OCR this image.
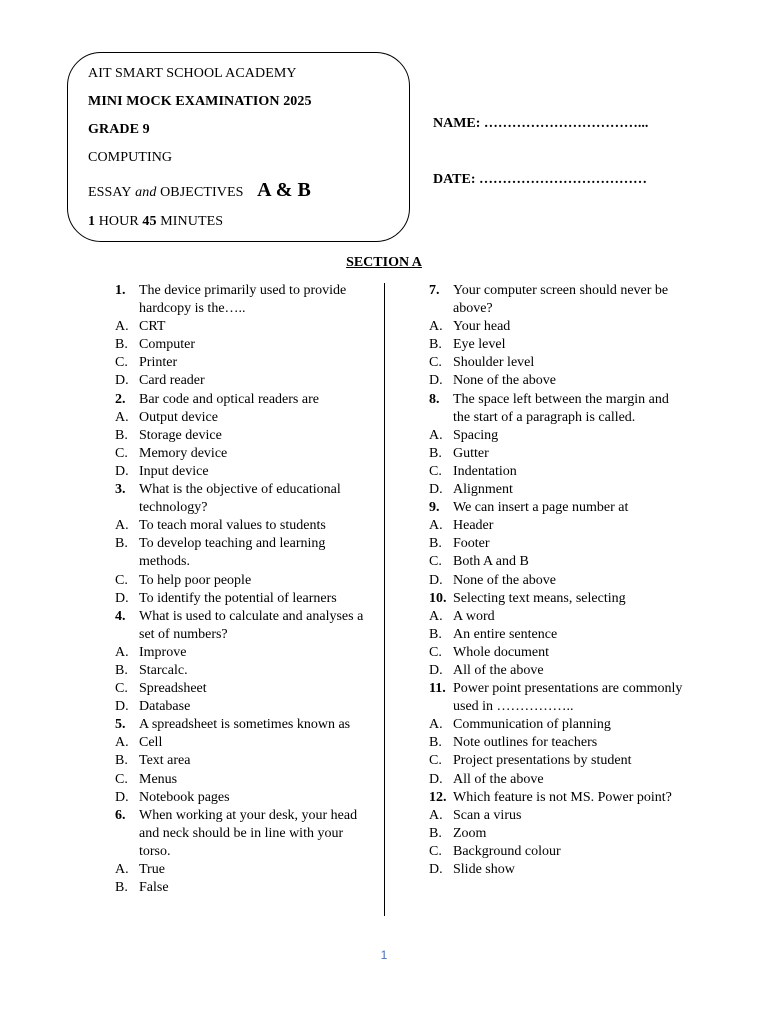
AIT SMART SCHOOL ACADEMY
MINI MOCK EXAMINATION 2025
GRADE 9
COMPUTING
ESSAY and OBJECTIVES A & B
1 HOUR 45 MINUTES
NAME: ……………………………...
DATE: ………………………………
SECTION A
1. The device primarily used to provide hardcopy is the…..
A. CRT
B. Computer
C. Printer
D. Card reader
2. Bar code and optical readers are
A. Output device
B. Storage device
C. Memory device
D. Input device
3. What is the objective of educational technology?
A. To teach moral values to students
B. To develop teaching and learning methods.
C. To help poor people
D. To identify the potential of learners
4. What is used to calculate and analyses a set of numbers?
A. Improve
B. Starcalc.
C. Spreadsheet
D. Database
5. A spreadsheet is sometimes known as
A. Cell
B. Text area
C. Menus
D. Notebook pages
6. When working at your desk, your head and neck should be in line with your torso.
A. True
B. False
7. Your computer screen should never be above?
A. Your head
B. Eye level
C. Shoulder level
D. None of the above
8. The space left between the margin and the start of a paragraph is called.
A. Spacing
B. Gutter
C. Indentation
D. Alignment
9. We can insert a page number at
A. Header
B. Footer
C. Both A and B
D. None of the above
10. Selecting text means, selecting
A. A word
B. An entire sentence
C. Whole document
D. All of the above
11. Power point presentations are commonly used in ……………..
A. Communication of planning
B. Note outlines for teachers
C. Project presentations by student
D. All of the above
12. Which feature is not MS. Power point?
A. Scan a virus
B. Zoom
C. Background colour
D. Slide show
1
